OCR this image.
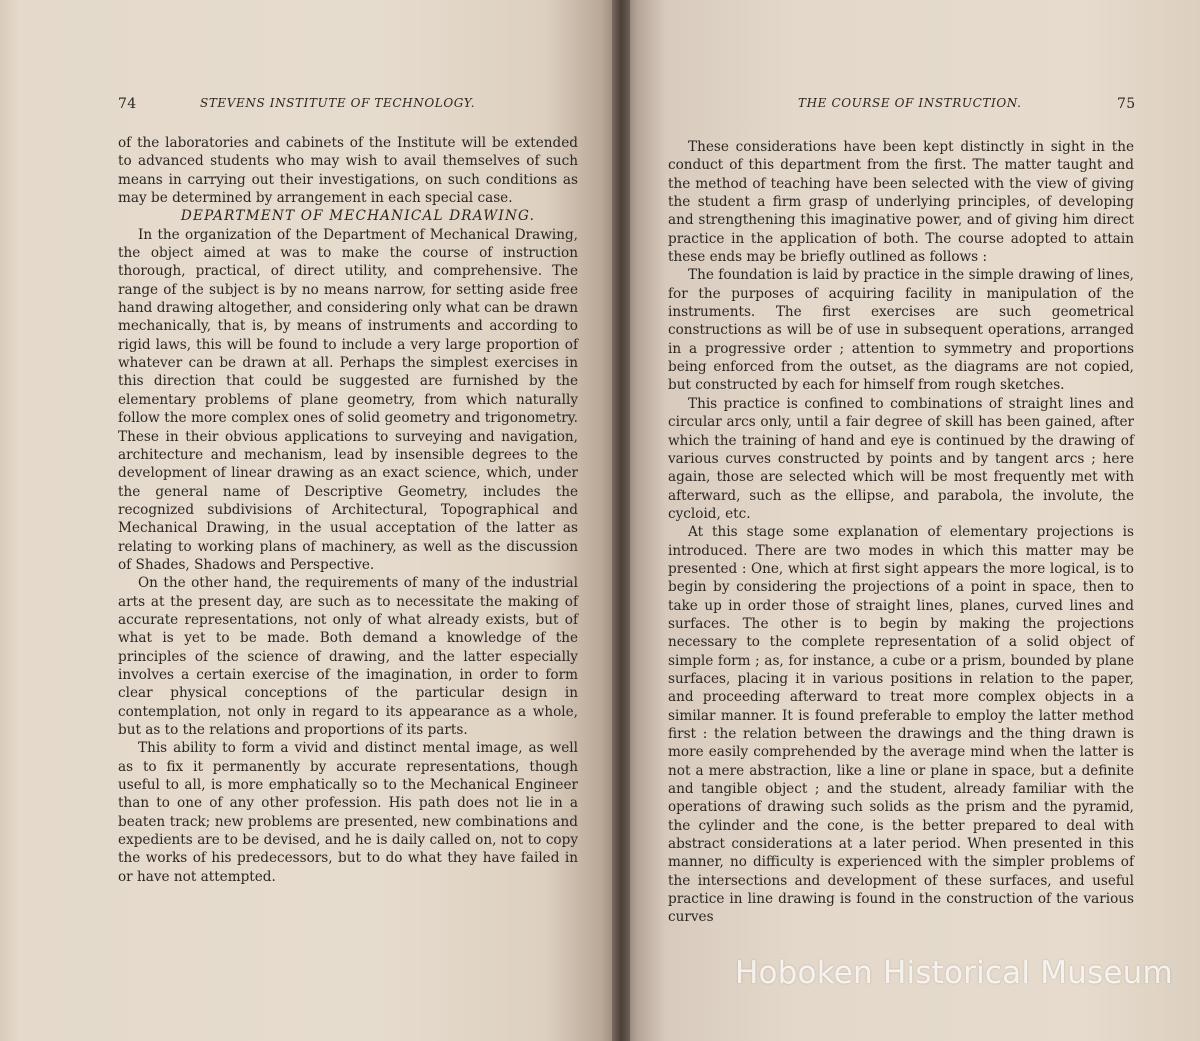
74	STEVENS INSTITUTE OF TECHNOLOGY.

of the laboratories and cabinets of the Institute will be extended to advanced students who may wish to avail themselves of such means in carrying out their investigations, on such conditions as may be determined by arrangement in each special case.

DEPARTMENT OF MECHANICAL DRAWING.

In the organization of the Department of Mechanical Drawing, the object aimed at was to make the course of instruction thorough, practical, of direct utility, and comprehensive. The range of the subject is by no means narrow, for setting aside free hand drawing altogether, and considering only what can be drawn mechanically, that is, by means of instruments and according to rigid laws, this will be found to include a very large proportion of whatever can be drawn at all. Perhaps the simplest exercises in this direction that could be suggested are furnished by the elementary problems of plane geometry, from which naturally follow the more complex ones of solid geometry and trigonometry. These in their obvious applications to surveying and navigation, architecture and mechanism, lead by insensible degrees to the development of linear drawing as an exact science, which, under the general name of Descriptive Geometry, includes the recognized subdivisions of Architectural, Topographical and Mechanical Drawing, in the usual acceptation of the latter as relating to working plans of machinery, as well as the discussion of Shades, Shadows and Perspective.

On the other hand, the requirements of many of the industrial arts at the present day, are such as to necessitate the making of accurate representations, not only of what already exists, but of what is yet to be made. Both demand a knowledge of the principles of the science of drawing, and the latter especially involves a certain exercise of the imagination, in order to form clear physical conceptions of the particular design in contemplation, not only in regard to its appearance as a whole, but as to the relations and proportions of its parts.

This ability to form a vivid and distinct mental image, as well as to fix it permanently by accurate representations, though useful to all, is more emphatically so to the Mechanical Engineer than to one of any other profession. His path does not lie in a beaten track; new problems are presented, new combinations and expedients are to be devised, and he is daily called on, not to copy the works of his predecessors, but to do what they have failed in or have not attempted.

THE COURSE OF INSTRUCTION.	75

These considerations have been kept distinctly in sight in the conduct of this department from the first. The matter taught and the method of teaching have been selected with the view of giving the student a firm grasp of underlying principles, of developing and strengthening this imaginative power, and of giving him direct practice in the application of both. The course adopted to attain these ends may be briefly outlined as follows :

The foundation is laid by practice in the simple drawing of lines, for the purposes of acquiring facility in manipulation of the instruments. The first exercises are such geometrical constructions as will be of use in subsequent operations, arranged in a progressive order ; attention to symmetry and proportions being enforced from the outset, as the diagrams are not copied, but constructed by each for himself from rough sketches.

This practice is confined to combinations of straight lines and circular arcs only, until a fair degree of skill has been gained, after which the training of hand and eye is continued by the drawing of various curves constructed by points and by tangent arcs ; here again, those are selected which will be most frequently met with afterward, such as the ellipse, and parabola, the involute, the cycloid, etc.

At this stage some explanation of elementary projections is introduced. There are two modes in which this matter may be presented : One, which at first sight appears the more logical, is to begin by considering the projections of a point in space, then to take up in order those of straight lines, planes, curved lines and surfaces. The other is to begin by making the projections necessary to the complete representation of a solid object of simple form ; as, for instance, a cube or a prism, bounded by plane surfaces, placing it in various positions in relation to the paper, and proceeding afterward to treat more complex objects in a similar manner. It is found preferable to employ the latter method first : the relation between the drawings and the thing drawn is more easily comprehended by the average mind when the latter is not a mere abstraction, like a line or plane in space, but a definite and tangible object ; and the student, already familiar with the operations of drawing such solids as the prism and the pyramid, the cylinder and the cone, is the better prepared to deal with abstract considerations at a later period. When presented in this manner, no difficulty is experienced with the simpler problems of the intersections and development of these surfaces, and useful practice in line drawing is found in the construction of the various curves

Hoboken Historical Museum
